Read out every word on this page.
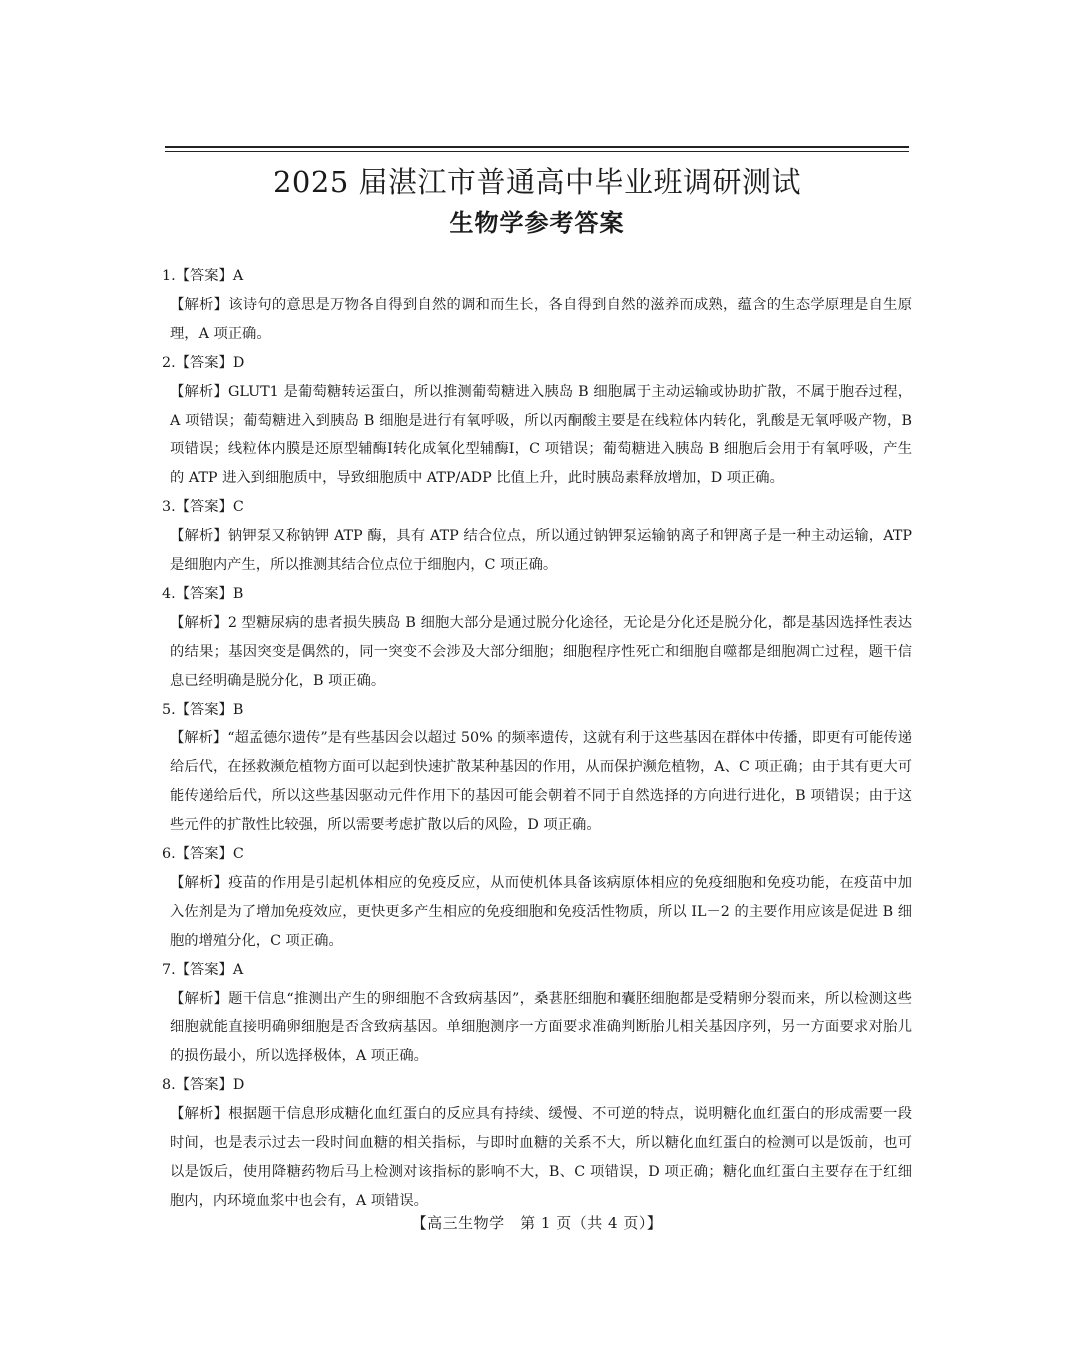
2025 届湛江市普通高中毕业班调研测试
生物学参考答案
1.【答案】A
【解析】该诗句的意思是万物各自得到自然的调和而生长，各自得到自然的滋养而成熟，蕴含的生态学原理是自生原理，A 项正确。
2.【答案】D
【解析】GLUT1 是葡萄糖转运蛋白，所以推测葡萄糖进入胰岛 B 细胞属于主动运输或协助扩散，不属于胞吞过程，A 项错误；葡萄糖进入到胰岛 B 细胞是进行有氧呼吸，所以丙酮酸主要是在线粒体内转化，乳酸是无氧呼吸产物，B 项错误；线粒体内膜是还原型辅酶Ⅰ转化成氧化型辅酶Ⅰ，C 项错误；葡萄糖进入胰岛 B 细胞后会用于有氧呼吸，产生的 ATP 进入到细胞质中，导致细胞质中 ATP/ADP 比值上升，此时胰岛素释放增加，D 项正确。
3.【答案】C
【解析】钠钾泵又称钠钾 ATP 酶，具有 ATP 结合位点，所以通过钠钾泵运输钠离子和钾离子是一种主动运输，ATP 是细胞内产生，所以推测其结合位点位于细胞内，C 项正确。
4.【答案】B
【解析】2 型糖尿病的患者损失胰岛 B 细胞大部分是通过脱分化途径，无论是分化还是脱分化，都是基因选择性表达的结果；基因突变是偶然的，同一突变不会涉及大部分细胞；细胞程序性死亡和细胞自噬都是细胞凋亡过程，题干信息已经明确是脱分化，B 项正确。
5.【答案】B
【解析】“超孟德尔遗传”是有些基因会以超过 50% 的频率遗传，这就有利于这些基因在群体中传播，即更有可能传递给后代，在拯救濒危植物方面可以起到快速扩散某种基因的作用，从而保护濒危植物，A、C 项正确；由于其有更大可能传递给后代，所以这些基因驱动元件作用下的基因可能会朝着不同于自然选择的方向进行进化，B 项错误；由于这些元件的扩散性比较强，所以需要考虑扩散以后的风险，D 项正确。
6.【答案】C
【解析】疫苗的作用是引起机体相应的免疫反应，从而使机体具备该病原体相应的免疫细胞和免疫功能，在疫苗中加入佐剂是为了增加免疫效应，更快更多产生相应的免疫细胞和免疫活性物质，所以 IL－2 的主要作用应该是促进 B 细胞的增殖分化，C 项正确。
7.【答案】A
【解析】题干信息“推测出产生的卵细胞不含致病基因”，桑葚胚细胞和囊胚细胞都是受精卵分裂而来，所以检测这些细胞就能直接明确卵细胞是否含致病基因。单细胞测序一方面要求准确判断胎儿相关基因序列，另一方面要求对胎儿的损伤最小，所以选择极体，A 项正确。
8.【答案】D
【解析】根据题干信息形成糖化血红蛋白的反应具有持续、缓慢、不可逆的特点，说明糖化血红蛋白的形成需要一段时间，也是表示过去一段时间血糖的相关指标，与即时血糖的关系不大，所以糖化血红蛋白的检测可以是饭前，也可以是饭后，使用降糖药物后马上检测对该指标的影响不大，B、C 项错误，D 项正确；糖化血红蛋白主要存在于红细胞内，内环境血浆中也会有，A 项错误。
【高三生物学　第 1 页（共 4 页）】
